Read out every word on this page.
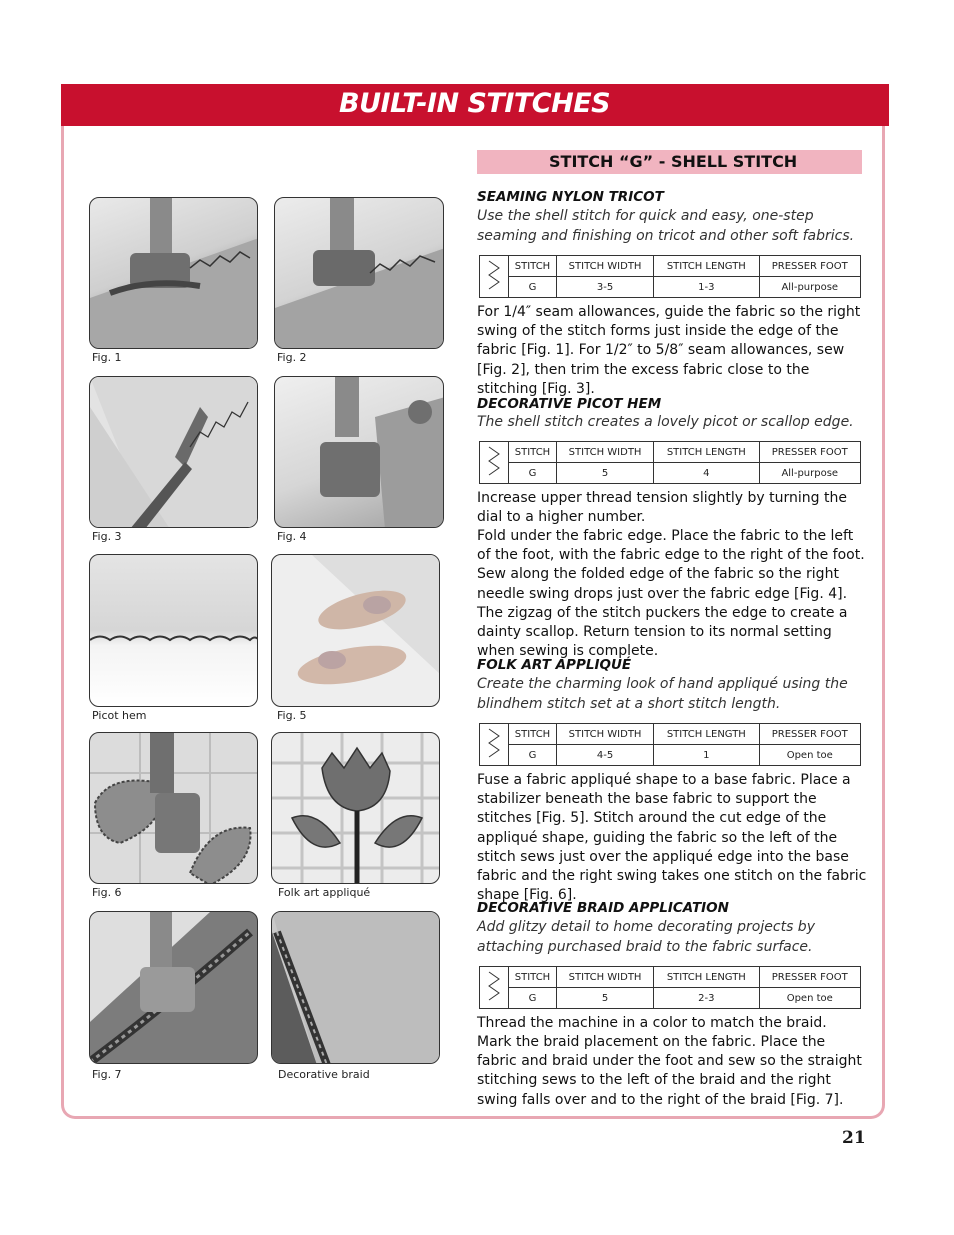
BUILT-IN STITCHES
STITCH “G” - SHELL STITCH
Fig. 1	Fig. 2
Fig. 3	Fig. 4
Picot hem	Fig. 5
Fig. 6	Folk art appliqué
Fig. 7	Decorative braid
SEAMING NYLON TRICOT
Use the shell stitch for quick and easy, one-step seaming and finishing on tricot and other soft fabrics.
	STITCH	STITCH WIDTH	STITCH LENGTH	PRESSER FOOT
	G	3-5	1-3	All-purpose
For 1/4″ seam allowances, guide the fabric so the right swing of the stitch forms just inside the edge of the fabric [Fig. 1]. For 1/2″ to 5/8″ seam allowances, sew [Fig. 2], then trim the excess fabric close to the stitching [Fig. 3].
DECORATIVE PICOT HEM
The shell stitch creates a lovely picot or scallop edge.
	STITCH	STITCH WIDTH	STITCH LENGTH	PRESSER FOOT
	G	5	4	All-purpose
Increase upper thread tension slightly by turning the dial to a higher number.
Fold under the fabric edge. Place the fabric to the left of the foot, with the fabric edge to the right of the foot. Sew along the folded edge of the fabric so the right needle swing drops just over the fabric edge [Fig. 4]. The zigzag of the stitch puckers the edge to create a dainty scallop. Return tension to its normal setting when sewing is complete.
FOLK ART APPLIQUÉ
Create the charming look of hand appliqué using the blindhem stitch set at a short stitch length.
	STITCH	STITCH WIDTH	STITCH LENGTH	PRESSER FOOT
	G	4-5	1	Open toe
Fuse a fabric appliqué shape to a base fabric. Place a stabilizer beneath the base fabric to support the stitches [Fig. 5]. Stitch around the cut edge of the appliqué shape, guiding the fabric so the left of the stitch sews just over the appliqué edge into the base fabric and the right swing takes one stitch on the fabric shape [Fig. 6].
DECORATIVE BRAID APPLICATION
Add glitzy detail to home decorating projects by attaching purchased braid to the fabric surface.
	STITCH	STITCH WIDTH	STITCH LENGTH	PRESSER FOOT
	G	5	2-3	Open toe
Thread the machine in a color to match the braid.
Mark the braid placement on the fabric. Place the fabric and braid under the foot and sew so the straight stitching sews to the left of the braid and the right swing falls over and to the right of the braid [Fig. 7].
21
